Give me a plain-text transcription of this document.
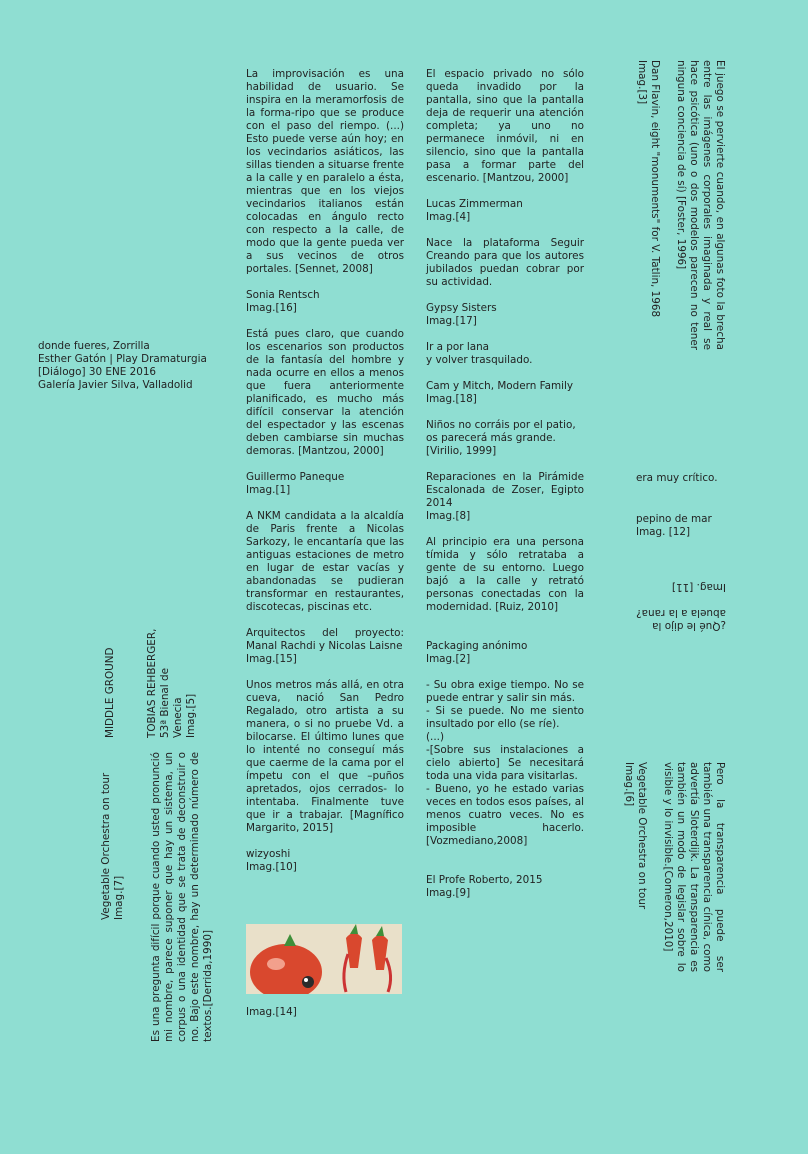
donde fueres, Zorrilla
Esther Gatón | Play Dramaturgia
[Diálogo] 30 ENE 2016
Galería Javier Silva, Valladolid

La improvisación es una habilidad de usuario. Se inspira en la meramorfosis de la forma-ripo que se produce con el paso del riempo. (...) Esto puede verse aún hoy; en los vecindarios asiáticos, las sillas tienden a situarse frente a la calle y en paralelo a ésta, mientras que en los viejos vecindarios italianos están colocadas en ángulo recto con respecto a la calle, de modo que la gente pueda ver a sus vecinos de otros portales. [Sennet, 2008]

Sonia Rentsch
Imag.[16]

Está pues claro, que cuando los escenarios son productos de la fantasía del hombre y nada ocurre en ellos a menos que fuera anteriormente planificado, es mucho más difícil conservar la atención del espectador y las escenas deben cambiarse sin muchas demoras. [Mantzou, 2000]

Guillermo Paneque
Imag.[1]

A NKM candidata a la alcaldía de Paris frente a Nicolas Sarkozy, le encantaría que las antiguas estaciones de metro en lugar de estar vacías y abandonadas se pudieran transformar en restaurantes, discotecas, piscinas etc.

Arquitectos del proyecto: Manal Rachdi y Nicolas Laisne
Imag.[15]

Unos metros más allá, en otra cueva, nació San Pedro Regalado, otro artista a su manera, o si no pruebe Vd. a bilocarse. El último lunes que lo intenté no conseguí más que caerme de la cama por el ímpetu con el que –puños apretados, ojos cerrados- lo intentaba. Finalmente tuve que ir a trabajar. [Magnífico Margarito, 2015]

wizyoshi
Imag.[10]
Imag.[14]

El espacio privado no sólo queda invadido por la pantalla, sino que la pantalla deja de requerir una atención completa; ya uno no permanece inmóvil, ni en silencio, sino que la pantalla pasa a formar parte del escenario. [Mantzou, 2000]

Lucas Zimmerman
Imag.[4]

Nace la plataforma Seguir Creando para que los autores jubilados puedan cobrar por su actividad.

Gypsy Sisters
Imag.[17]
Ir a por lana
y volver trasquilado.
Cam y Mitch, Modern Family
Imag.[18]
Niños no corráis por el patio,
os parecerá más grande.
[Virilio, 1999]
Reparaciones en la Pirámide Escalonada de Zoser, Egipto 2014
Imag.[8]

Al principio era una persona tímida y sólo retrataba a gente de su entorno. Luego bajó a la calle y retrató personas conectadas con la modernidad. [Ruiz, 2010]

Packaging anónimo
Imag.[2]
- Su obra exige tiempo. No se puede entrar y salir sin más.
- Si se puede. No me siento insultado por ello (se ríe).
(...)
-[Sobre sus instalaciones a cielo abierto] Se necesitará toda una vida para visitarlas.
- Bueno, yo he estado varias veces en todos esos países, al menos cuatro veces. No es imposible hacerlo. [Vozmediano,2008]
El Profe Roberto, 2015
Imag.[9]
era muy crítico.
pepino de mar
Imag. [12]
¿Qué le dijo la
abuela a la rana?
Imag. [11]
El juego se pervierte cuando, en algunas foto la brecha entre las imágenes corporales imaginada y real se hace psicótica (uno o dos modelos parecen no tener ninguna conciencia de sí) [Foster, 1996]
Dan Flavin, eight "monuments" for V. Tatlin, 1968
Imag.[3]
Pero la transparencia puede ser también una transparencia cínica, como advertía Sloterdijk. La transparencia es también un modo de legislar sobre lo visible y lo invisible.[Comeron,2010]
Vegetable Orchestra on tour
Imag.[6]
MIDDLE GROUND	TOBIAS REHBERGER, 53ª Bienal de Venecia Imag.[5]
Vegetable Orchestra on tour Imag.[7] Es una pregunta difícil porque cuando usted pronunció mi nombre, parece suponer que hay un sistema, un corpus o una identidad que se trata de deconstruir o no. Bajo este nombre, hay un determinado número de textos.[Derrida,1990]
